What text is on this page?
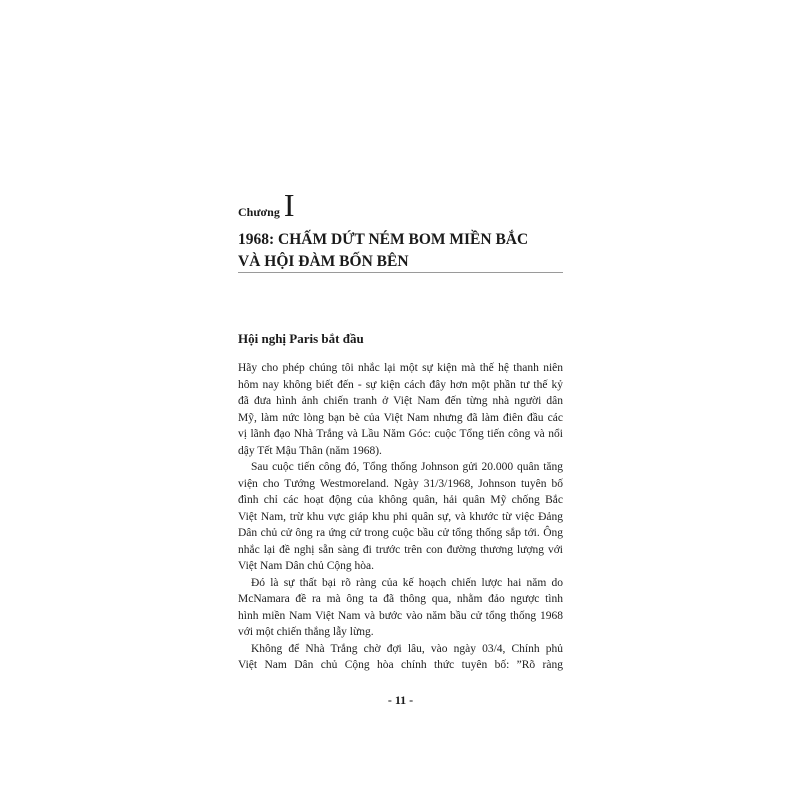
Chương I
1968: CHẤM DỨT NÉM BOM MIỀN BẮC
VÀ HỘI ĐÀM BỐN BÊN
Hội nghị Paris bắt đầu
Hãy cho phép chúng tôi nhắc lại một sự kiện mà thế hệ thanh niên
hôm nay không biết đến - sự kiện cách đây hơn một phần tư thế kỷ
đã đưa hình ảnh chiến tranh ở Việt Nam đến từng nhà người dân
Mỹ, làm nức lòng bạn bè của Việt Nam nhưng đã làm điên đầu các
vị lãnh đạo Nhà Trắng và Lầu Năm Góc: cuộc Tổng tiến công và nổi
dậy Tết Mậu Thân (năm 1968).
Sau cuộc tiến công đó, Tổng thống Johnson gửi 20.000 quân tăng
viện cho Tướng Westmoreland. Ngày 31/3/1968, Johnson tuyên bố
đình chỉ các hoạt động của không quân, hải quân Mỹ chống Bắc
Việt Nam, trừ khu vực giáp khu phi quân sự, và khước từ việc Đảng
Dân chủ cử ông ra ứng cử trong cuộc bầu cử tổng thống sắp tới. Ông
nhắc lại đề nghị sẵn sàng đi trước trên con đường thương lượng với
Việt Nam Dân chủ Cộng hòa.
Đó là sự thất bại rõ ràng của kế hoạch chiến lược hai năm do
McNamara đề ra mà ông ta đã thông qua, nhằm đảo ngược tình
hình miền Nam Việt Nam và bước vào năm bầu cử tổng thống 1968
với một chiến thắng lẫy lừng.
Không để Nhà Trắng chờ đợi lâu, vào ngày 03/4, Chính phủ
Việt Nam Dân chủ Cộng hòa chính thức tuyên bố: ”Rõ ràng
- 11 -
